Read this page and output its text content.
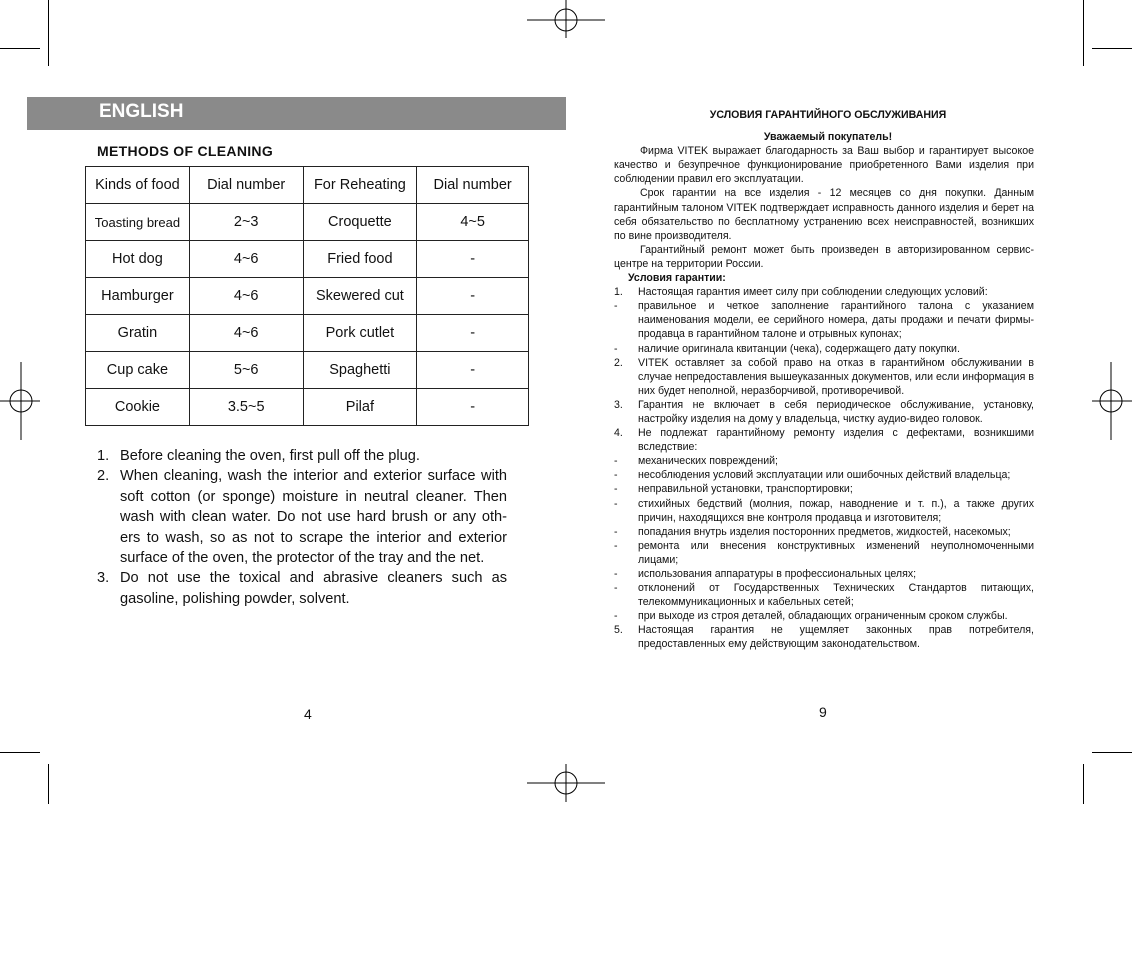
ENGLISH
METHODS OF CLEANING
Kinds of food	Dial number	For Reheating	Dial number
Toasting bread	2~3	Croquette	4~5
Hot dog	4~6	Fried food	-
Hamburger	4~6	Skewered cut	-
Gratin	4~6	Pork cutlet	-
Cup cake	5~6	Spaghetti	-
Cookie	3.5~5	Pilaf	-
1. Before cleaning the oven, first pull off the plug.
2. When cleaning, wash the interior and exterior surface with soft cotton (or sponge) moisture in neutral cleaner. Then wash with clean water. Do not use hard brush or any oth-ers to wash, so as not to scrape the interior and exterior surface of the oven, the protector of the tray and the net.
3. Do not use the toxical and abrasive cleaners such as gasoline, polishing powder, solvent.
4
УСЛОВИЯ ГАРАНТИЙНОГО ОБСЛУЖИВАНИЯ
Уважаемый покупатель!
Фирма VITEK выражает благодарность за Ваш выбор и гарантирует высокое качество и безупречное функционирование приобретенного Вами изделия при соблюдении правил его эксплуатации.
Срок гарантии на все изделия - 12 месяцев со дня покупки. Данным гарантийным талоном VITEK подтверждает исправность данного изделия и берет на себя обязательство по бесплатному устранению всех неисправностей, возникших по вине производителя.
Гарантийный ремонт может быть произведен в авторизированном сервис-центре на территории России.
Условия гарантии:
1. Настоящая гарантия имеет силу при соблюдении следующих условий:
- правильное и четкое заполнение гарантийного талона с указанием наименования модели, ее серийного номера, даты продажи и печати фирмы-продавца в гарантийном талоне и отрывных купонах;
- наличие оригинала квитанции (чека), содержащего дату покупки.
2. VITEK оставляет за собой право на отказ в гарантийном обслуживании в случае непредоставления вышеуказанных документов, или если информация в них будет неполной, неразборчивой, противоречивой.
3. Гарантия не включает в себя периодическое обслуживание, установку, настройку изделия на дому у владельца, чистку аудио-видео головок.
4. Не подлежат гарантийному ремонту изделия с дефектами, возникшими вследствие:
- механических повреждений;
- несоблюдения условий эксплуатации или ошибочных действий владельца;
- неправильной установки, транспортировки;
- стихийных бедствий (молния, пожар, наводнение и т. п.), а также других причин, находящихся вне контроля продавца и изготовителя;
- попадания внутрь изделия посторонних предметов, жидкостей, насекомых;
- ремонта или внесения конструктивных изменений неуполномоченными лицами;
- использования аппаратуры в профессиональных целях;
- отклонений от Государственных Технических Стандартов питающих, телекоммуникационных и кабельных сетей;
- при выходе из строя деталей, обладающих ограниченным сроком службы.
5. Настоящая гарантия не ущемляет законных прав потребителя, предоставленных ему действующим законодательством.
9
